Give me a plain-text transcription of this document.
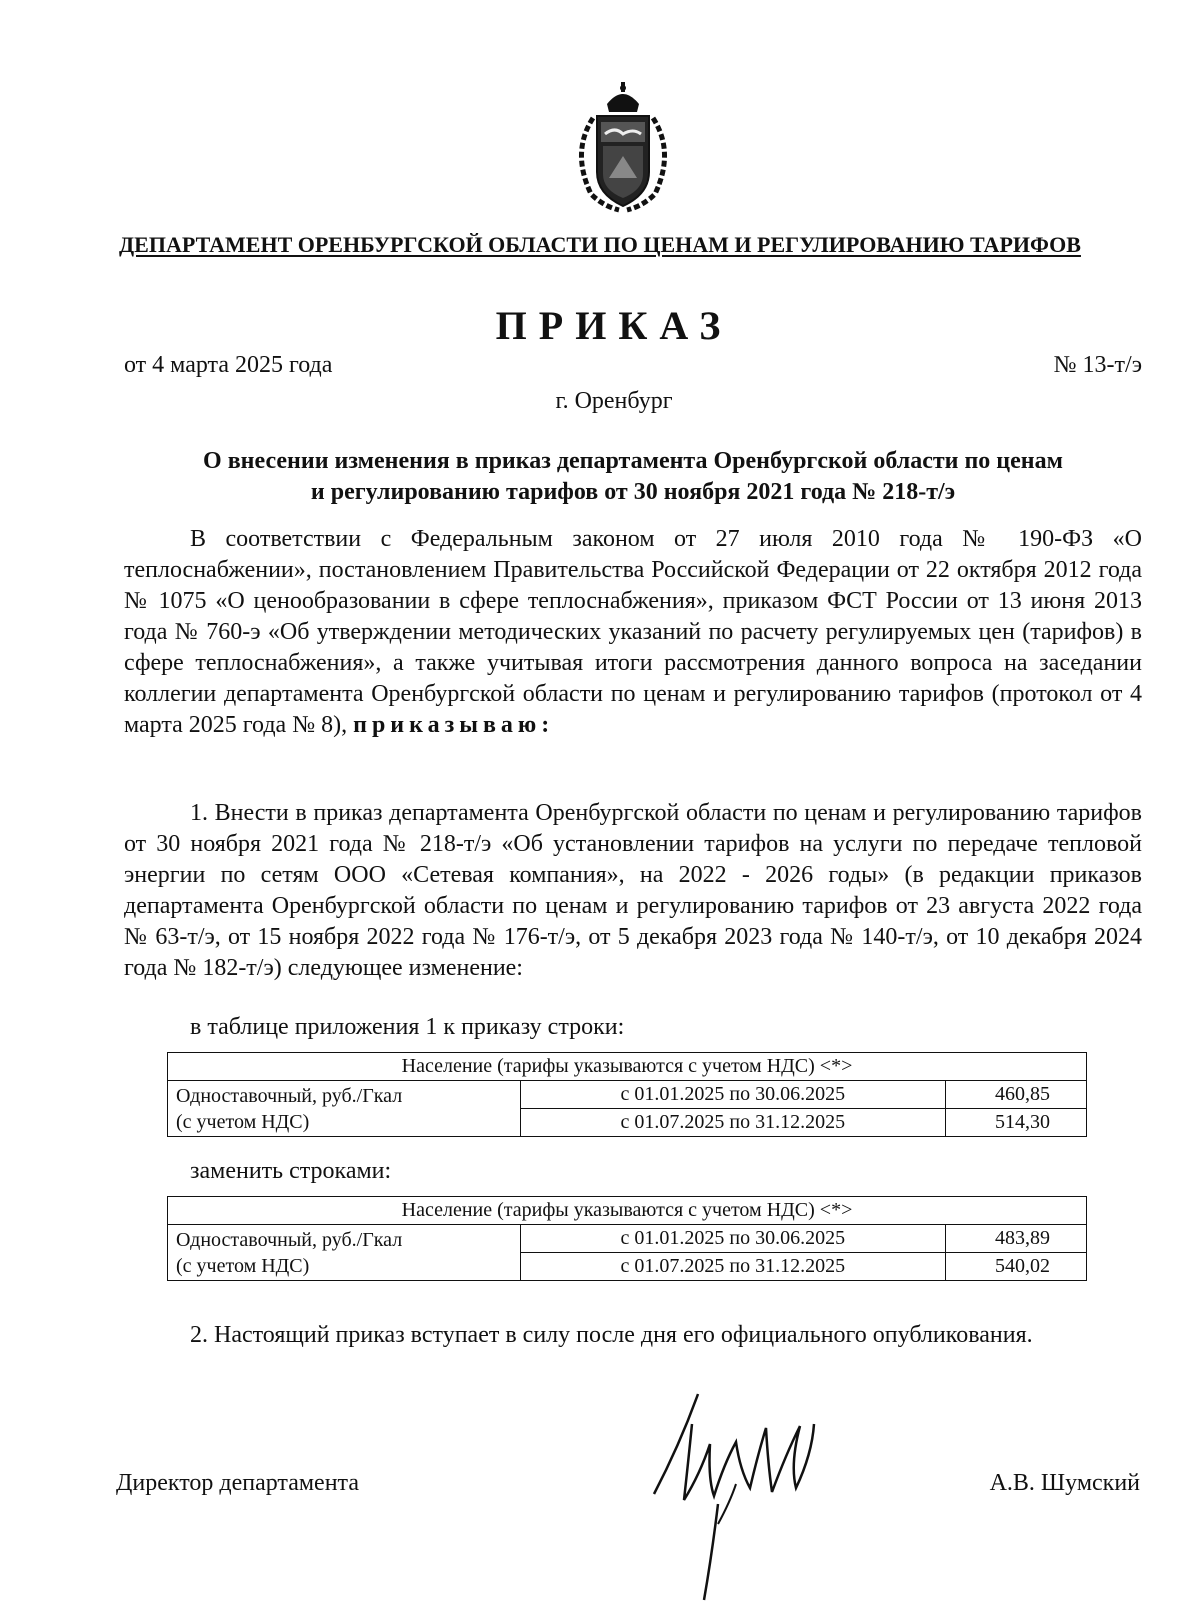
ДЕПАРТАМЕНТ ОРЕНБУРГСКОЙ ОБЛАСТИ ПО ЦЕНАМ И РЕГУЛИРОВАНИЮ ТАРИФОВ
ПРИКАЗ
от 4 марта 2025 года	№ 13-т/э
г. Оренбург
О внесении изменения в приказ департамента Оренбургской области по ценам
и регулированию тарифов от 30 ноября 2021 года № 218-т/э

В соответствии с Федеральным законом от 27 июля 2010 года № 190-ФЗ «О теплоснабжении», постановлением Правительства Российской Федерации от 22 октября 2012 года № 1075 «О ценообразовании в сфере теплоснабжения», приказом ФСТ России от 13 июня 2013 года № 760-э «Об утверждении методических указаний по расчету регулируемых цен (тарифов) в сфере теплоснабжения», а также учитывая итоги рассмотрения данного вопроса на заседании коллегии департамента Оренбургской области по ценам и регулированию тарифов (протокол от 4 марта 2025 года № 8), приказываю:

1. Внести в приказ департамента Оренбургской области по ценам и регулированию тарифов от 30 ноября 2021 года № 218-т/э «Об установлении тарифов на услуги по передаче тепловой энергии по сетям ООО «Сетевая компания», на 2022 - 2026 годы» (в редакции приказов департамента Оренбургской области по ценам и регулированию тарифов от 23 августа 2022 года № 63-т/э, от 15 ноября 2022 года № 176-т/э, от 5 декабря 2023 года № 140-т/э, от 10 декабря 2024 года № 182-т/э) следующее изменение:

в таблице приложения 1 к приказу строки:
Население (тарифы указываются с учетом НДС) <*>		

Одноставочный, руб./Гкал
(с учетом НДС)	с 01.01.2025 по 30.06.2025	460,85
	с 01.07.2025 по 31.12.2025	514,30
заменить строками:
Население (тарифы указываются с учетом НДС) <*>		

Одноставочный, руб./Гкал
(с учетом НДС)	с 01.01.2025 по 30.06.2025	483,89
	с 01.07.2025 по 31.12.2025	540,02

2. Настоящий приказ вступает в силу после дня его официального опубликования.

Директор департамента	А.В. Шумский
